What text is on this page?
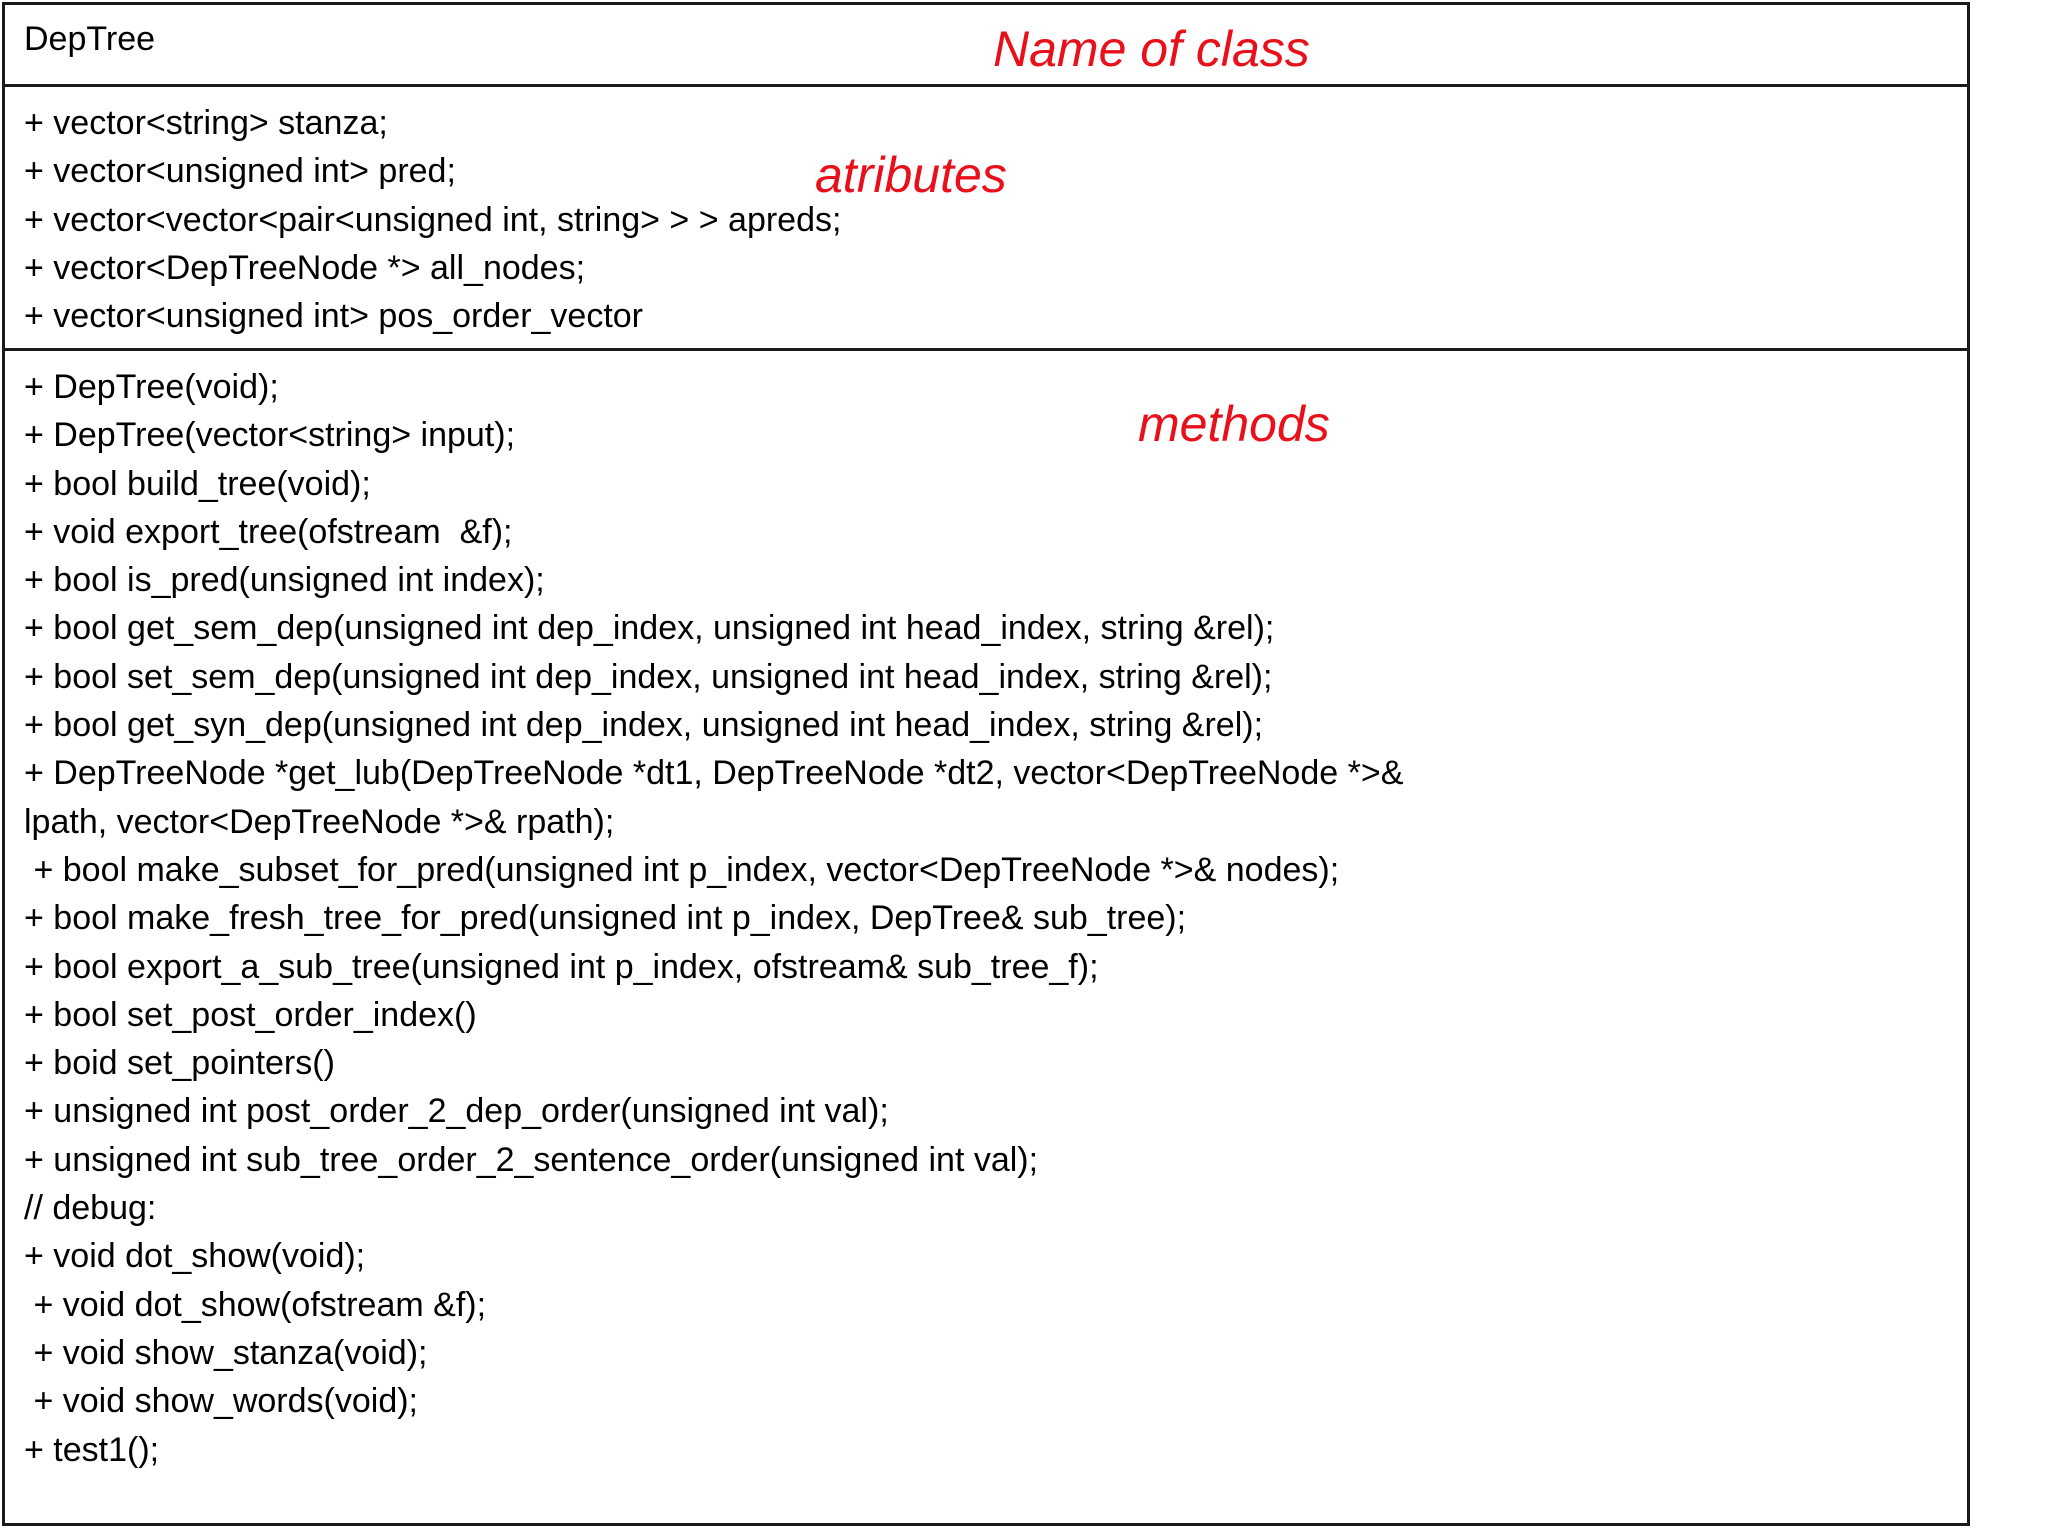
DepTree	Name of class
+ vector<string> stanza;
+ vector<unsigned int> pred;
+ vector<vector<pair<unsigned int, string> > > apreds;
+ vector<DepTreeNode *> all_nodes;
+ vector<unsigned int> pos_order_vector
atributes
+ DepTree(void);
+ DepTree(vector<string> input);
+ bool build_tree(void);
+ void export_tree(ofstream  &f);
+ bool is_pred(unsigned int index);
+ bool get_sem_dep(unsigned int dep_index, unsigned int head_index, string &rel);
+ bool set_sem_dep(unsigned int dep_index, unsigned int head_index, string &rel);
+ bool get_syn_dep(unsigned int dep_index, unsigned int head_index, string &rel);
+ DepTreeNode *get_lub(DepTreeNode *dt1, DepTreeNode *dt2, vector<DepTreeNode *>&
lpath, vector<DepTreeNode *>& rpath);
+ bool make_subset_for_pred(unsigned int p_index, vector<DepTreeNode *>& nodes);
+ bool make_fresh_tree_for_pred(unsigned int p_index, DepTree& sub_tree);
+ bool export_a_sub_tree(unsigned int p_index, ofstream& sub_tree_f);
+ bool set_post_order_index()
+ boid set_pointers()
+ unsigned int post_order_2_dep_order(unsigned int val);
+ unsigned int sub_tree_order_2_sentence_order(unsigned int val);
// debug:
+ void dot_show(void);
+ void dot_show(ofstream &f);
+ void show_stanza(void);
+ void show_words(void);
+ test1();
methods
